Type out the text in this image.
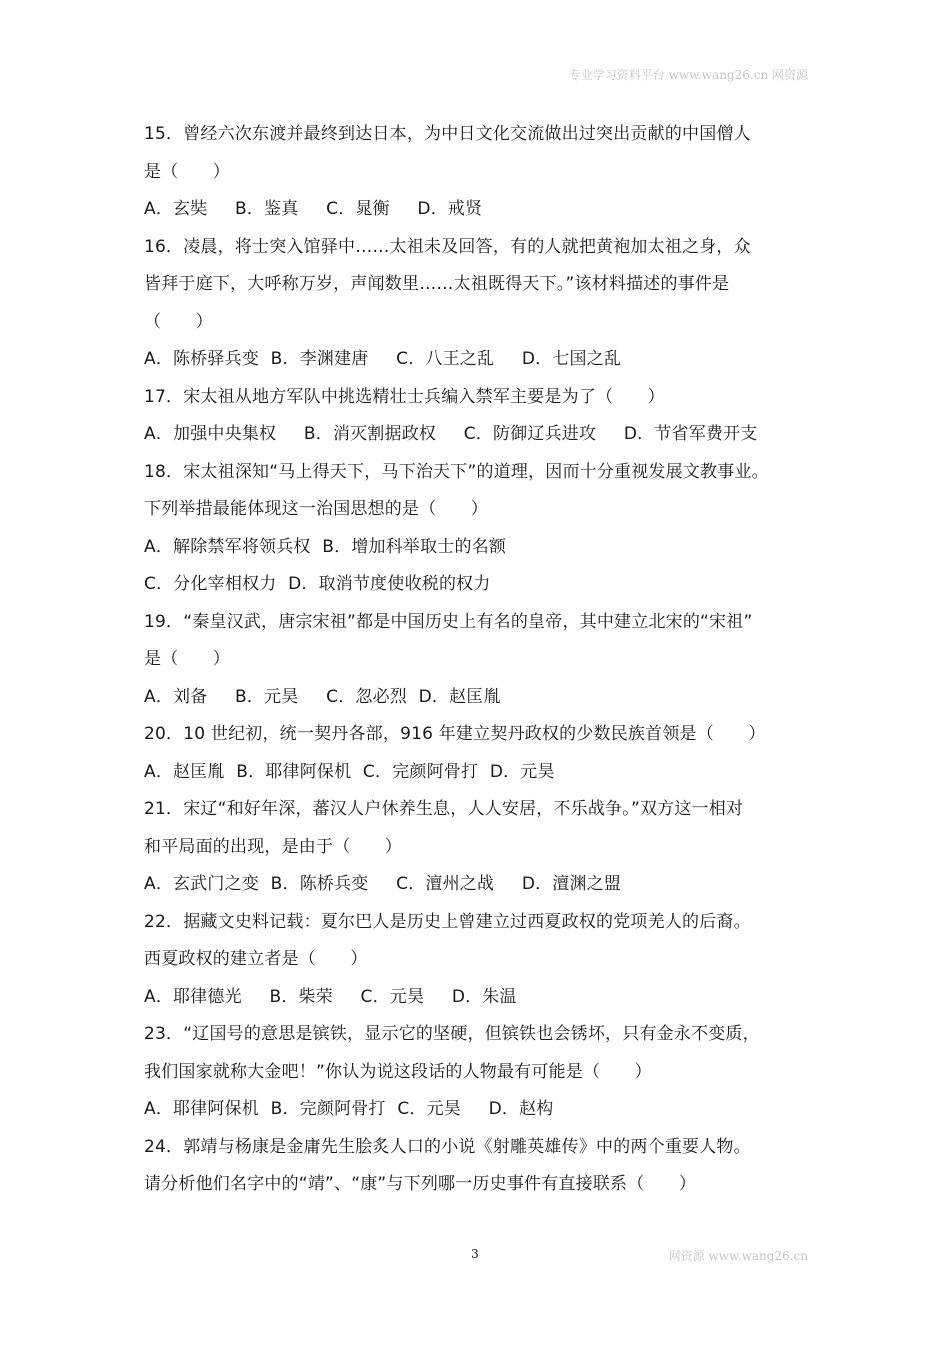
专业学习资料平台 www.wang26.cn 网资源
15．曾经六次东渡并最终到达日本，为中日文化交流做出过突出贡献的中国僧人
是（　　）
A．玄奘 B．鉴真 C．晁衡 D．戒贤
16．凌晨，将士突入馆驿中……太祖未及回答，有的人就把黄袍加太祖之身，众
皆拜于庭下，大呼称万岁，声闻数里……太祖既得天下。”该材料描述的事件是
（　　）
A．陈桥驿兵变 B．李渊建唐 C．八王之乱 D．七国之乱
17．宋太祖从地方军队中挑选精壮士兵编入禁军主要是为了（　　）
A．加强中央集权 B．消灭割据政权 C．防御辽兵进攻 D．节省军费开支
18．宋太祖深知“马上得天下，马下治天下”的道理，因而十分重视发展文教事业。
下列举措最能体现这一治国思想的是（　　）
A．解除禁军将领兵权 B．增加科举取士的名额
C．分化宰相权力 D．取消节度使收税的权力
19．“秦皇汉武，唐宗宋祖”都是中国历史上有名的皇帝，其中建立北宋的“宋祖”
是（　　）
A．刘备 B．元昊 C．忽必烈 D．赵匡胤
20．10 世纪初，统一契丹各部，916 年建立契丹政权的少数民族首领是（　　）
A．赵匡胤 B．耶律阿保机 C．完颜阿骨打 D．元昊
21．宋辽“和好年深，蕃汉人户休养生息，人人安居，不乐战争。”双方这一相对
和平局面的出现，是由于（　　）
A．玄武门之变 B．陈桥兵变 C．澶州之战 D．澶渊之盟
22．据藏文史料记载：夏尔巴人是历史上曾建立过西夏政权的党项羌人的后裔。
西夏政权的建立者是（　　）
A．耶律德光 B．柴荣 C．元昊 D．朱温
23．“辽国号的意思是镔铁，显示它的坚硬，但镔铁也会锈坏，只有金永不变质，
我们国家就称大金吧！”你认为说这段话的人物最有可能是（　　）
A．耶律阿保机 B．完颜阿骨打 C．元昊 D．赵构
24．郭靖与杨康是金庸先生脍炙人口的小说《射雕英雄传》中的两个重要人物。
请分析他们名字中的“靖”、“康”与下列哪一历史事件有直接联系（　　）
3	网资源 www.wang26.cn
